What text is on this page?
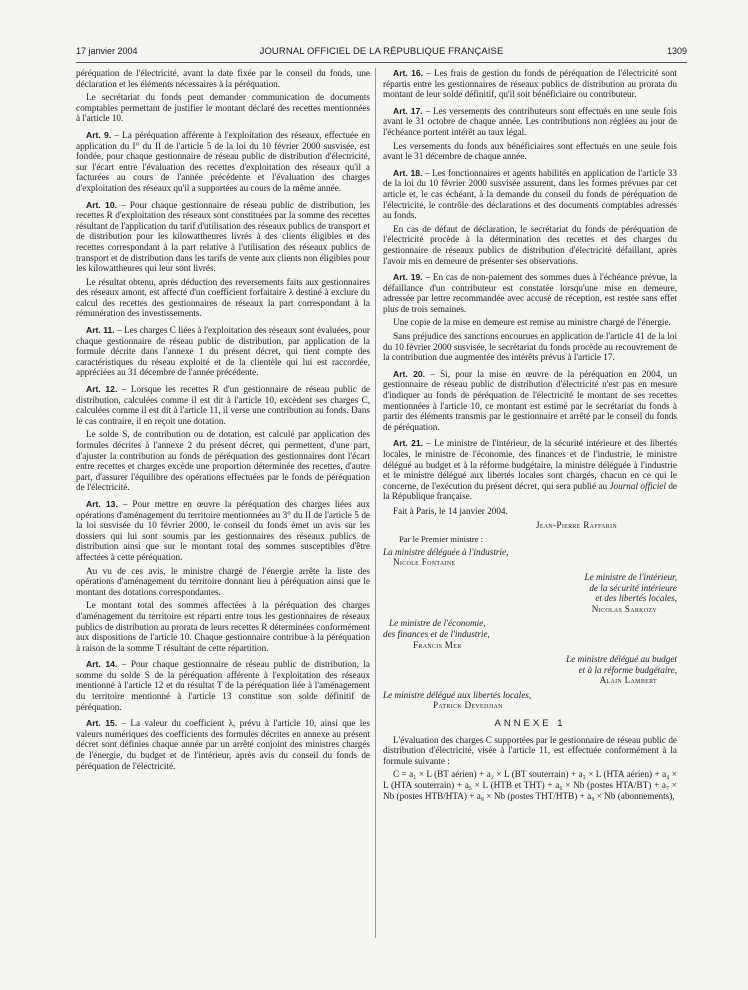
17 janvier 2004	JOURNAL OFFICIEL DE LA RÉPUBLIQUE FRANÇAISE	1309

péréquation de l'électricité, avant la date fixée par le conseil du fonds, une déclaration et les éléments nécessaires à la péréquation.

Le secrétariat du fonds peut demander communication de documents comptables permettant de justifier le montant déclaré des recettes mentionnées à l'article 10.

Art. 9. – La péréquation afférente à l'exploitation des réseaux, effectuée en application du I° du II de l'article 5 de la loi du 10 février 2000 susvisée, est fondée, pour chaque gestionnaire de réseau public de distribution d'électricité, sur l'écart entre l'évaluation des recettes d'exploitation des réseaux qu'il a facturées au cours de l'année précédente et l'évaluation des charges d'exploitation des réseaux qu'il a supportées au cours de la même année.

Art. 10. – Pour chaque gestionnaire de réseau public de distribution, les recettes R d'exploitation des réseaux sont constituées par la somme des recettes résultant de l'application du tarif d'utilisation des réseaux publics de transport et de distribution pour les kilowattheures livrés à des clients éligibles et des recettes correspondant à la part relative à l'utilisation des réseaux publics de transport et de distribution dans les tarifs de vente aux clients non éligibles pour les kilowattheures qui leur sont livrés.

Le résultat obtenu, après déduction des reversements faits aux gestionnaires des réseaux amont, est affecté d'un coefficient forfaitaire λ destiné à exclure du calcul des recettes des gestionnaires de réseaux la part correspondant à la rémunération des investissements.

Art. 11. – Les charges C liées à l'exploitation des réseaux sont évaluées, pour chaque gestionnaire de réseau public de distribution, par application de la formule décrite dans l'annexe 1 du présent décret, qui tient compte des caractéristiques du réseau exploité et de la clientèle qui lui est raccordée, appréciées au 31 décembre de l'année précédente.

Art. 12. – Lorsque les recettes R d'un gestionnaire de réseau public de distribution, calculées comme il est dit à l'article 10, excèdent ses charges C, calculées comme il est dit à l'article 11, il verse une contribution au fonds. Dans le cas contraire, il en reçoit une dotation.

Le solde S, de contribution ou de dotation, est calculé par application des formules décrites à l'annexe 2 du présent décret, qui permettent, d'une part, d'ajuster la contribution au fonds de péréquation des gestionnaires dont l'écart entre recettes et charges excède une proportion déterminée des recettes, d'autre part, d'assurer l'équilibre des opérations effectuées par le fonds de péréquation de l'électricité.

Art. 13. – Pour mettre en œuvre la péréquation des charges liées aux opérations d'aménagement du territoire mentionnées au 3° du II de l'article 5 de la loi susvisée du 10 février 2000, le conseil du fonds émet un avis sur les dossiers qui lui sont soumis par les gestionnaires des réseaux publics de distribution ainsi que sur le montant total des sommes susceptibles d'être affectées à cette péréquation.

Au vu de ces avis, le ministre chargé de l'énergie arrête la liste des opérations d'aménagement du territoire donnant lieu à péréquation ainsi que le montant des dotations correspondantes.

Le montant total des sommes affectées à la péréquation des charges d'aménagement du territoire est réparti entre tous les gestionnaires de réseaux publics de distribution au prorata de leurs recettes R déterminées conformément aux dispositions de l'article 10. Chaque gestionnaire contribue à la péréquation à raison de la somme T résultant de cette répartition.

Art. 14. – Pour chaque gestionnaire de réseau public de distribution, la somme du solde S de la péréquation afférente à l'exploitation des réseaux mentionné à l'article 12 et du résultat T de la péréquation liée à l'aménagement du territoire mentionné à l'article 13 constitue son solde définitif de péréquation.

Art. 15. – La valeur du coefficient λ, prévu à l'article 10, ainsi que les valeurs numériques des coefficients des formules décrites en annexe au présent décret sont définies chaque année par un arrêté conjoint des ministres chargés de l'énergie, du budget et de l'intérieur, après avis du conseil du fonds de péréquation de l'électricité.

Art. 16. – Les frais de gestion du fonds de péréquation de l'électricité sont répartis entre les gestionnaires de réseaux publics de distribution au prorata du montant de leur solde définitif, qu'il soit bénéficiaire ou contributeur.

Art. 17. – Les versements des contributeurs sont effectués en une seule fois avant le 31 octobre de chaque année. Les contributions non réglées au jour de l'échéance portent intérêt au taux légal.

Les versements du fonds aux bénéficiaires sont effectués en une seule fois avant le 31 décembre de chaque année.

Art. 18. – Les fonctionnaires et agents habilités en application de l'article 33 de la loi du 10 février 2000 susvisée assurent, dans les formes prévues par cet article et, le cas échéant, à la demande du conseil du fonds de péréquation de l'électricité, le contrôle des déclarations et des documents comptables adressés au fonds.

En cas de défaut de déclaration, le secrétariat du fonds de péréquation de l'électricité procède à la détermination des recettes et des charges du gestionnaire de réseaux publics de distribution d'électricité défaillant, après l'avoir mis en demeure de présenter ses observations.

Art. 19. – En cas de non-paiement des sommes dues à l'échéance prévue, la défaillance d'un contributeur est constatée lorsqu'une mise en demeure, adressée par lettre recommandée avec accusé de réception, est restée sans effet plus de trois semaines.

Une copie de la mise en demeure est remise au ministre chargé de l'énergie.

Sans préjudice des sanctions encourues en application de l'article 41 de la loi du 10 février 2000 susvisée, le secrétariat du fonds procède au recouvrement de la contribution due augmentée des intérêts prévus à l'article 17.

Art. 20. – Si, pour la mise en œuvre de la péréquation en 2004, un gestionnaire de réseau public de distribution d'électricité n'est pas en mesure d'indiquer au fonds de péréquation de l'électricité le montant de ses recettes mentionnées à l'article 10, ce montant est estimé par le secrétariat du fonds à partir des éléments transmis par le gestionnaire et arrêté par le conseil du fonds de péréquation.

Art. 21. – Le ministre de l'intérieur, de la sécurité intérieure et des libertés locales, le ministre de l'économie, des finances et de l'industrie, le ministre délégué au budget et à la réforme budgétaire, la ministre déléguée à l'industrie et le ministre délégué aux libertés locales sont chargés, chacun en ce qui le concerne, de l'exécution du présent décret, qui sera publié au Journal officiel de la République française.

Fait à Paris, le 14 janvier 2004.
Jean-Pierre Raffarin
Par le Premier ministre :
La ministre déléguée à l'industrie,
Nicole Fontaine
Le ministre de l'intérieur,
de la sécurité intérieure
et des libertés locales,
Nicolas Sarkozy
Le ministre de l'économie,
des finances et de l'industrie,
Francis Mer
Le ministre délégué au budget
et à la réforme budgétaire,
Alain Lambert
Le ministre délégué aux libertés locales,
Patrick Devedjian
ANNEXE 1

L'évaluation des charges C supportées par le gestionnaire de réseau public de distribution d'électricité, visée à l'article 11, est effectuée conformément à la formule suivante :

C = a₁ × L (BT aérien) + a₂ × L (BT souterrain) + a₃ × L (HTA aérien) + a₄ × L (HTA souterrain) + a₅ × L (HTB et THT) + a₆ × Nb (postes HTA/BT) + a₇ × Nb (postes HTB/HTA) + a₈ × Nb (postes THT/HTB) + a₉ × Nb (abonnements),
